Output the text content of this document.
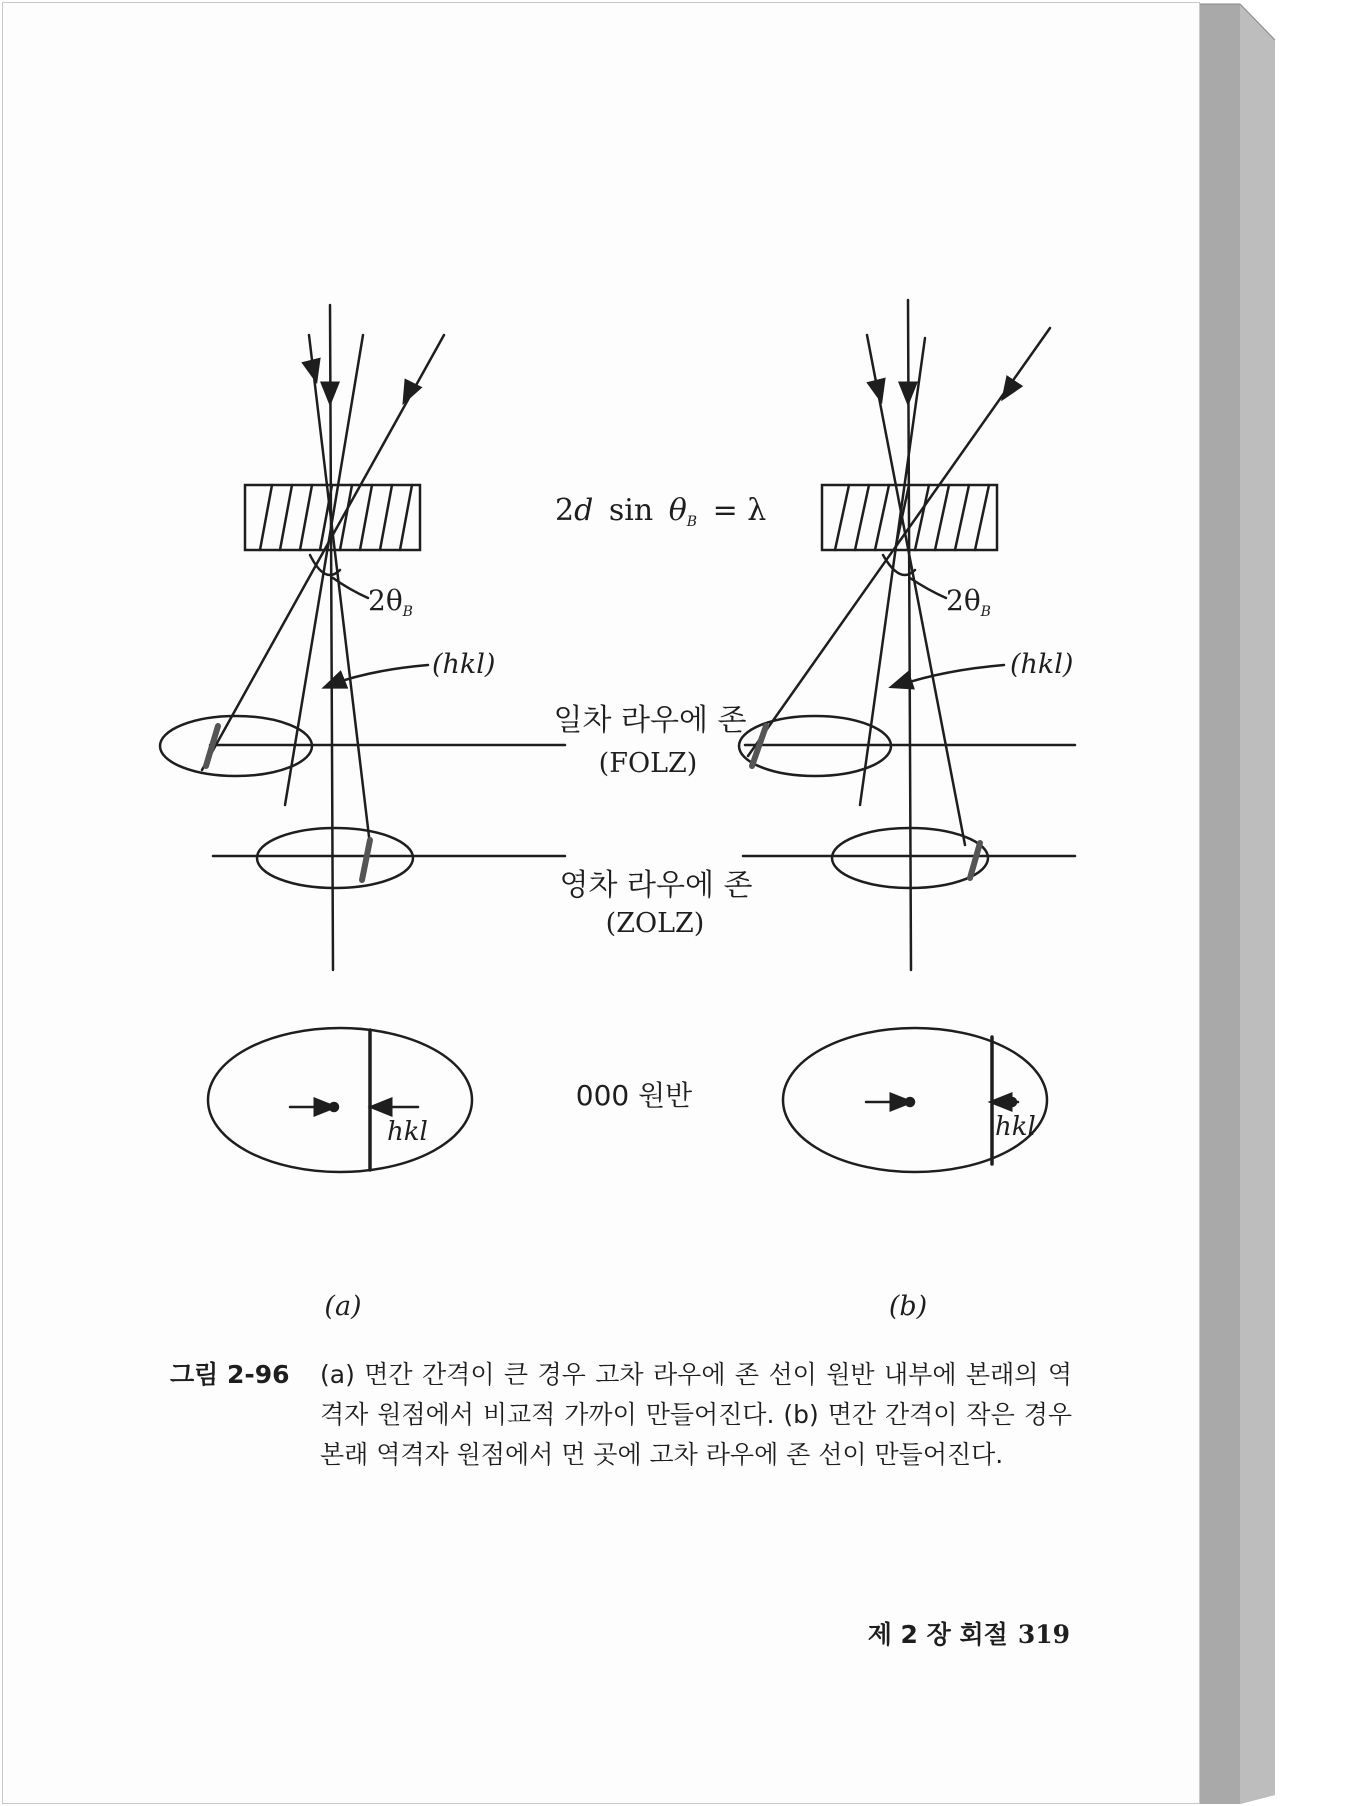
2d $\sin \theta_B = \lambda$
$2\theta_B$	$2\theta_B$
(hkl)	(hkl)
일차 라우에 존
(FOLZ)
영차 라우에 존
(ZOLZ)
000 원반
hkl	hkl
(a)	(b)
그림 2-96	(a) 면간 간격이 큰 경우 고차 라우에 존 선이 원반 내부에 본래의 역격자 원점에서 비교적 가까이 만들어진다. (b) 면간 간격이 작은 경우 본래 역격자 원점에서 먼 곳에 고차 라우에 존 선이 만들어진다.
제 2 장 회절 319
